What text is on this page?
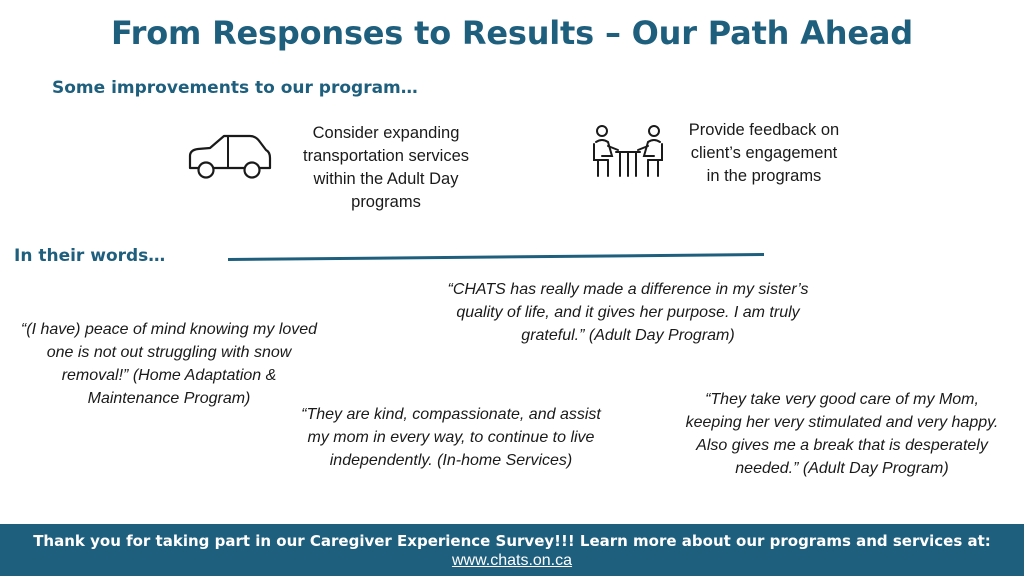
From Responses to Results – Our Path Ahead
Some improvements to our program…
Consider expanding transportation services within the Adult Day programs
Provide feedback on client’s engagement in the programs
In their words…
“(I have) peace of mind knowing my loved one is not out struggling with snow removal!” (Home Adaptation & Maintenance Program)
“CHATS has really made a difference in my sister’s quality of life, and it gives her purpose. I am truly grateful.” (Adult Day Program)
“They are kind, compassionate, and assist my mom in every way, to continue to live independently. (In-home Services)
“They take very good care of my Mom, keeping her very stimulated and very happy. Also gives me a break that is desperately needed.” (Adult Day Program)
Thank you for taking part in our Caregiver Experience Survey!!! Learn more about our programs and services at:
www.chats.on.ca
